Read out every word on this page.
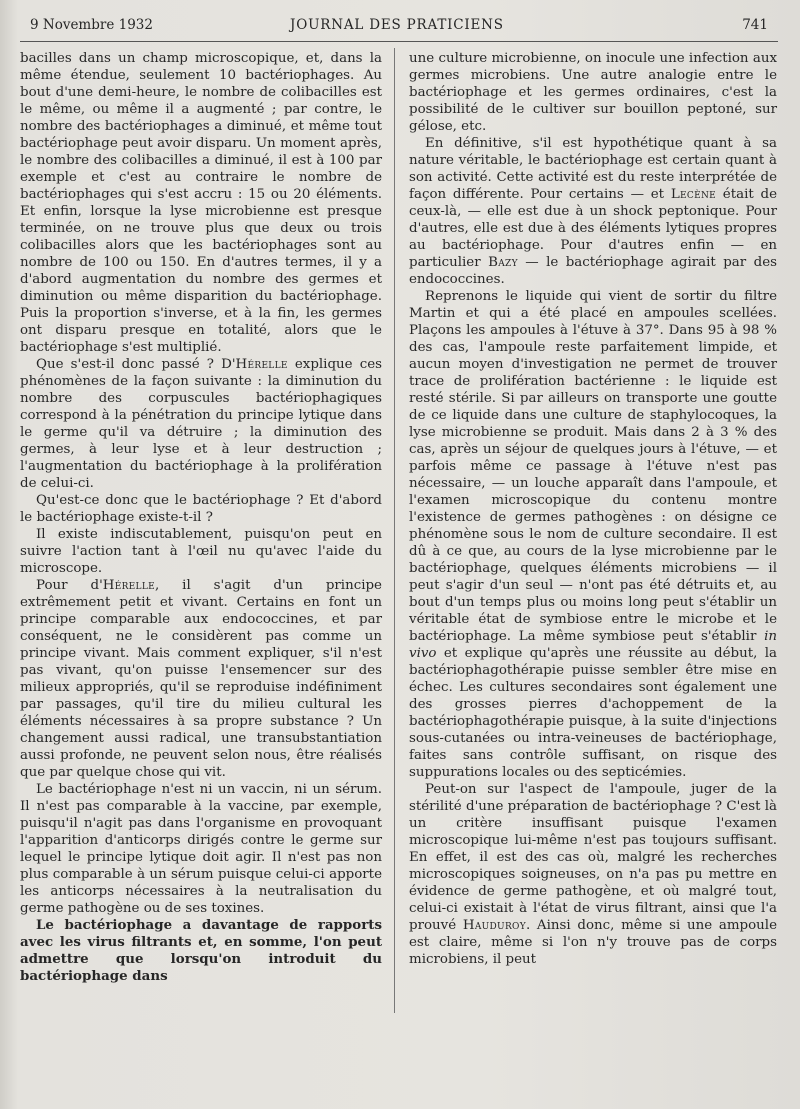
9 Novembre 1932	JOURNAL DES PRATICIENS	741

bacilles dans un champ microscopique, et, dans la même étendue, seulement 10 bactériophages. Au bout d'une demi-heure, le nombre de colibacilles est le même, ou même il a augmenté ; par contre, le nombre des bactériophages a diminué, et même tout bactériophage peut avoir disparu. Un moment après, le nombre des colibacilles a diminué, il est à 100 par exemple et c'est au contraire le nombre de bactériophages qui s'est accru : 15 ou 20 éléments. Et enfin, lorsque la lyse microbienne est presque terminée, on ne trouve plus que deux ou trois colibacilles alors que les bactériophages sont au nombre de 100 ou 150. En d'autres termes, il y a d'abord augmentation du nombre des germes et diminution ou même disparition du bactériophage. Puis la proportion s'inverse, et à la fin, les germes ont disparu presque en totalité, alors que le bactériophage s'est multiplié.

Que s'est-il donc passé ? D'Hérelle explique ces phénomènes de la façon suivante : la diminution du nombre des corpuscules bactériophagiques correspond à la pénétration du principe lytique dans le germe qu'il va détruire ; la diminution des germes, à leur lyse et à leur destruction ; l'augmentation du bactériophage à la prolifération de celui-ci.

Qu'est-ce donc que le bactériophage ? Et d'abord le bactériophage existe-t-il ?

Il existe indiscutablement, puisqu'on peut en suivre l'action tant à l'œil nu qu'avec l'aide du microscope.

Pour d'Hérelle, il s'agit d'un principe extrêmement petit et vivant. Certains en font un principe comparable aux endococcines, et par conséquent, ne le considèrent pas comme un principe vivant. Mais comment expliquer, s'il n'est pas vivant, qu'on puisse l'ensemencer sur des milieux appropriés, qu'il se reproduise indéfiniment par passages, qu'il tire du milieu cultural les éléments nécessaires à sa propre substance ? Un changement aussi radical, une transubstantiation aussi profonde, ne peuvent selon nous, être réalisés que par quelque chose qui vit.

Le bactériophage n'est ni un vaccin, ni un sérum. Il n'est pas comparable à la vaccine, par exemple, puisqu'il n'agit pas dans l'organisme en provoquant l'apparition d'anticorps dirigés contre le germe sur lequel le principe lytique doit agir. Il n'est pas non plus comparable à un sérum puisque celui-ci apporte les anticorps nécessaires à la neutralisation du germe pathogène ou de ses toxines.

Le bactériophage a davantage de rapports avec les virus filtrants et, en somme, l'on peut admettre que lorsqu'on introduit du bactériophage dans

une culture microbienne, on inocule une infection aux germes microbiens. Une autre analogie entre le bactériophage et les germes ordinaires, c'est la possibilité de le cultiver sur bouillon peptoné, sur gélose, etc.

En définitive, s'il est hypothétique quant à sa nature véritable, le bactériophage est certain quant à son activité. Cette activité est du reste interprétée de façon différente. Pour certains — et Lecène était de ceux-là, — elle est due à un shock peptonique. Pour d'autres, elle est due à des éléments lytiques propres au bactériophage. Pour d'autres enfin — en particulier Bazy — le bactériophage agirait par des endococcines.

Reprenons le liquide qui vient de sortir du filtre Martin et qui a été placé en ampoules scellées. Plaçons les ampoules à l'étuve à 37°. Dans 95 à 98 % des cas, l'ampoule reste parfaitement limpide, et aucun moyen d'investigation ne permet de trouver trace de prolifération bactérienne : le liquide est resté stérile. Si par ailleurs on transporte une goutte de ce liquide dans une culture de staphylocoques, la lyse microbienne se produit. Mais dans 2 à 3 % des cas, après un séjour de quelques jours à l'étuve, — et parfois même ce passage à l'étuve n'est pas nécessaire, — un louche apparaît dans l'ampoule, et l'examen microscopique du contenu montre l'existence de germes pathogènes : on désigne ce phénomène sous le nom de culture secondaire. Il est dû à ce que, au cours de la lyse microbienne par le bactériophage, quelques éléments microbiens — il peut s'agir d'un seul — n'ont pas été détruits et, au bout d'un temps plus ou moins long peut s'établir un véritable état de symbiose entre le microbe et le bactériophage. La même symbiose peut s'établir in vivo et explique qu'après une réussite au début, la bactériophagothérapie puisse sembler être mise en échec. Les cultures secondaires sont également une des grosses pierres d'achoppement de la bactériophagothérapie puisque, à la suite d'injections sous-cutanées ou intra-veineuses de bactériophage, faites sans contrôle suffisant, on risque des suppurations locales ou des septicémies.

Peut-on sur l'aspect de l'ampoule, juger de la stérilité d'une préparation de bactériophage ? C'est là un critère insuffisant puisque l'examen microscopique lui-même n'est pas toujours suffisant. En effet, il est des cas où, malgré les recherches microscopiques soigneuses, on n'a pas pu mettre en évidence de germe pathogène, et où malgré tout, celui-ci existait à l'état de virus filtrant, ainsi que l'a prouvé Hauduroy. Ainsi donc, même si une ampoule est claire, même si l'on n'y trouve pas de corps microbiens, il peut
